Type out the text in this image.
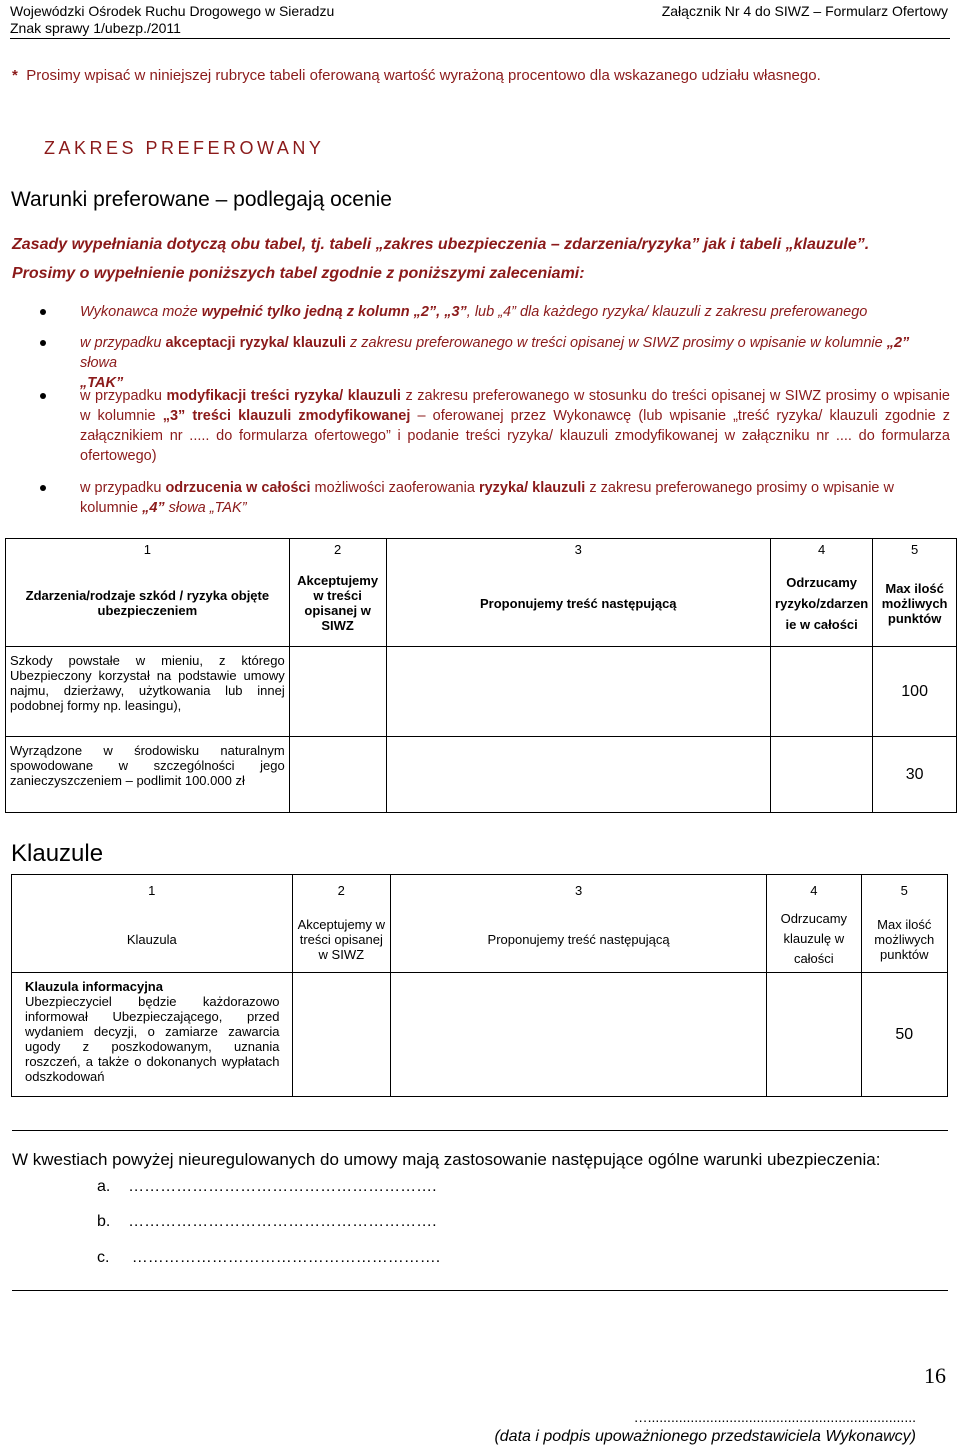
Wojewódzki Ośrodek Ruchu Drogowego w Sieradzu
Znak sprawy 1/ubezp./2011
Załącznik Nr 4 do SIWZ – Formularz Ofertowy
* Prosimy wpisać w niniejszej rubryce tabeli oferowaną wartość wyrażoną procentowo dla wskazanego udziału własnego.
ZAKRES PREFEROWANY
Warunki preferowane – podlegają ocenie
Zasady wypełniania dotyczą obu tabel, tj. tabeli „zakres ubezpieczenia – zdarzenia/ryzyka” jak i tabeli „klauzule”.
Prosimy o wypełnienie poniższych tabel zgodnie z poniższymi zaleceniami:
Wykonawca może wypełnić tylko jedną z kolumn „2”, „3”, lub „4” dla każdego ryzyka/ klauzuli z zakresu preferowanego
w przypadku akceptacji ryzyka/ klauzuli z zakresu preferowanego w treści opisanej w SIWZ prosimy o wpisanie w kolumnie „2” słowa
„TAK”
w przypadku modyfikacji treści ryzyka/ klauzuli z zakresu preferowanego w stosunku do treści opisanej w SIWZ prosimy o wpisanie w kolumnie „3” treści klauzuli zmodyfikowanej – oferowanej przez Wykonawcę (lub wpisanie „treść ryzyka/ klauzuli zgodnie z załącznikiem nr ..... do formularza ofertowego” i podanie treści ryzyka/ klauzuli zmodyfikowanej w załączniku nr .... do formularza ofertowego)
w przypadku odrzucenia w całości możliwości zaoferowania ryzyka/ klauzuli z zakresu preferowanego prosimy o wpisanie w kolumnie „4” słowa „TAK”
1	2	3	4	5
Zdarzenia/rodzaje szkód / ryzyka objęte ubezpieczeniem	Akceptujemy w treści opisanej w SIWZ	Proponujemy treść następującą	Odrzucamy ryzyko/zdarzen ie w całości	Max ilość możliwych punktów
Szkody powstałe w mieniu, z którego Ubezpieczony korzystał na podstawie umowy najmu, dzierżawy, użytkowania lub innej podobnej formy np. leasingu),				100
Wyrządzone w środowisku naturalnym spowodowane w szczególności jego zanieczyszczeniem – podlimit 100.000 zł				30
Klauzule
1	2	3	4	5
Klauzula	Akceptujemy w treści opisanej w SIWZ	Proponujemy treść następującą	Odrzucamy klauzulę w całości	Max ilość możliwych punktów
Klauzula informacyjna
Ubezpieczyciel będzie każdorazowo informował Ubezpieczającego, przed wydaniem decyzji, o zamiarze zawarcia ugody z poszkodowanym, uznania roszczeń, a także o dokonanych wypłatach odszkodowań				50
W kwestiach powyżej nieuregulowanych do umowy mają zastosowanie następujące ogólne warunki ubezpieczenia:
a. ………………………………………………….
b. ………………………………………………….
c. ………………………………………………….
16
….....................................................................
(data i podpis upoważnionego przedstawiciela Wykonawcy)
